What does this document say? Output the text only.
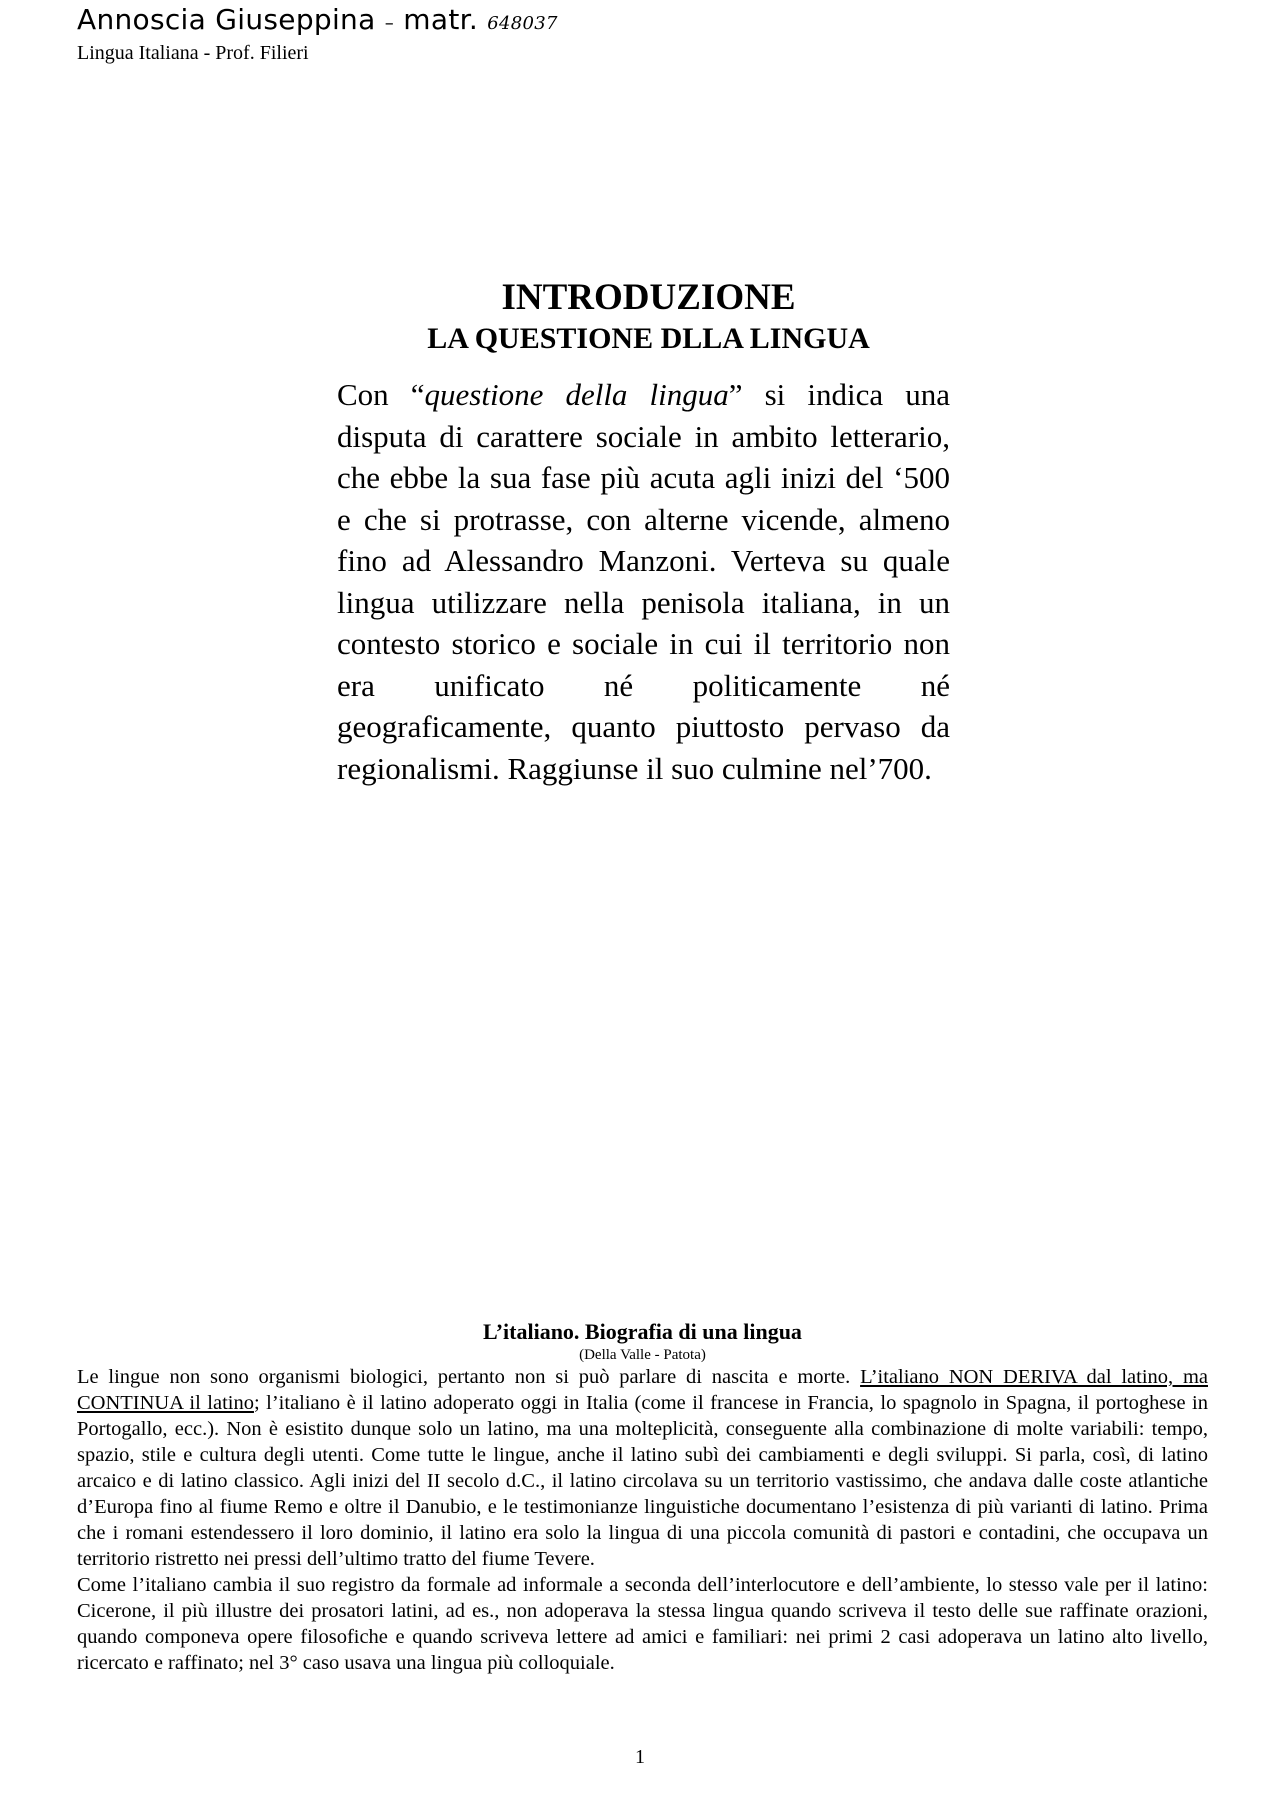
Annoscia Giuseppina – matr. 648037
Lingua Italiana - Prof. Filieri
INTRODUZIONE
LA QUESTIONE DLLA LINGUA

Con “questione della lingua” si indica una disputa di carattere sociale in ambito letterario, che ebbe la sua fase più acuta agli inizi del ‘500 e che si protrasse, con alterne vicende, almeno fino ad Alessandro Manzoni. Verteva su quale lingua utilizzare nella penisola italiana, in un contesto storico e sociale in cui il territorio non era unificato né politicamente né geograficamente, quanto piuttosto pervaso da regionalismi. Raggiunse il suo culmine nel’700.

L’italiano. Biografia di una lingua
(Della Valle - Patota)

Le lingue non sono organismi biologici, pertanto non si può parlare di nascita e morte. L’italiano NON DERIVA dal latino, ma CONTINUA il latino; l’italiano è il latino adoperato oggi in Italia (come il francese in Francia, lo spagnolo in Spagna, il portoghese in Portogallo, ecc.). Non è esistito dunque solo un latino, ma una molteplicità, conseguente alla combinazione di molte variabili: tempo, spazio, stile e cultura degli utenti. Come tutte le lingue, anche il latino subì dei cambiamenti e degli sviluppi. Si parla, così, di latino arcaico e di latino classico. Agli inizi del II secolo d.C., il latino circolava su un territorio vastissimo, che andava dalle coste atlantiche d’Europa fino al fiume Remo e oltre il Danubio, e le testimonianze linguistiche documentano l’esistenza di più varianti di latino. Prima che i romani estendessero il loro dominio, il latino era solo la lingua di una piccola comunità di pastori e contadini, che occupava un territorio ristretto nei pressi dell’ultimo tratto del fiume Tevere.

Come l’italiano cambia il suo registro da formale ad informale a seconda dell’interlocutore e dell’ambiente, lo stesso vale per il latino: Cicerone, il più illustre dei prosatori latini, ad es., non adoperava la stessa lingua quando scriveva il testo delle sue raffinate orazioni, quando componeva opere filosofiche e quando scriveva lettere ad amici e familiari: nei primi 2 casi adoperava un latino alto livello, ricercato e raffinato; nel 3° caso usava una lingua più colloquiale.

1
